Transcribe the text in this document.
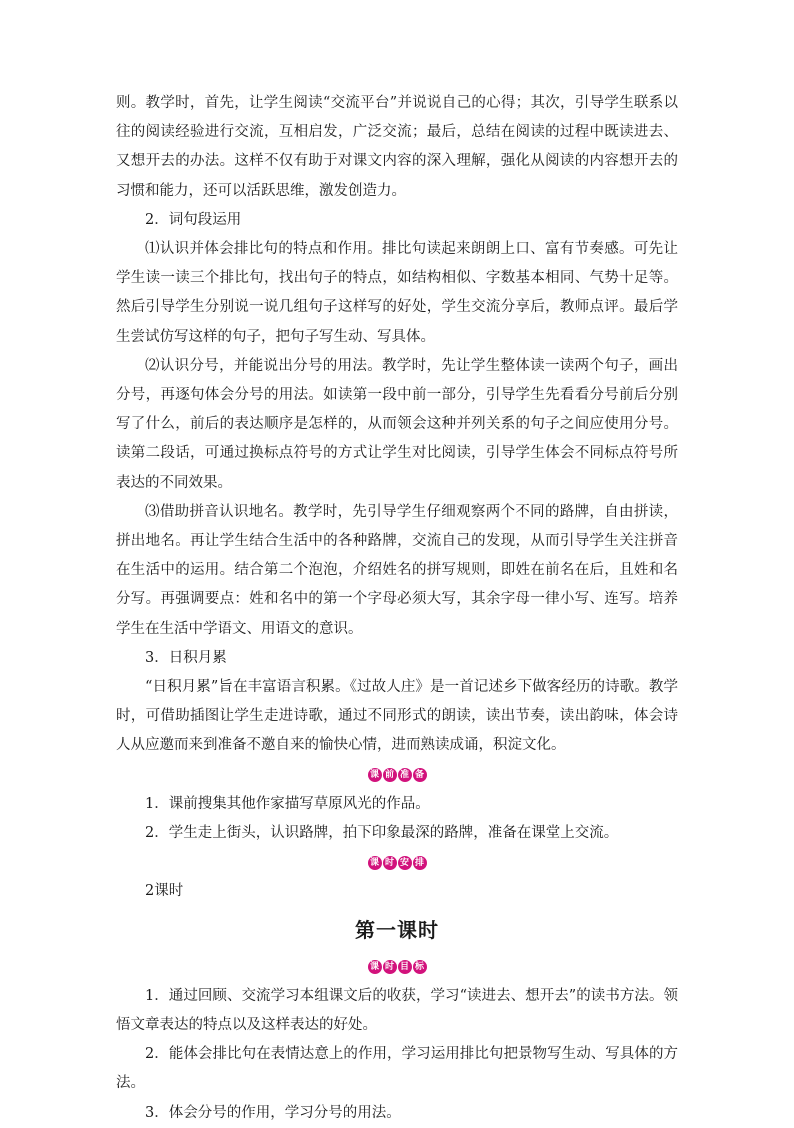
则。教学时，首先，让学生阅读“交流平台”并说说自己的心得；其次，引导学生联系以往的阅读经验进行交流，互相启发，广泛交流；最后，总结在阅读的过程中既读进去、又想开去的办法。这样不仅有助于对课文内容的深入理解，强化从阅读的内容想开去的习惯和能力，还可以活跃思维，激发创造力。

2．词句段运用

⑴认识并体会排比句的特点和作用。排比句读起来朗朗上口、富有节奏感。可先让学生读一读三个排比句，找出句子的特点，如结构相似、字数基本相同、气势十足等。然后引导学生分别说一说几组句子这样写的好处，学生交流分享后，教师点评。最后学生尝试仿写这样的句子，把句子写生动、写具体。

⑵认识分号，并能说出分号的用法。教学时，先让学生整体读一读两个句子，画出分号，再逐句体会分号的用法。如读第一段中前一部分，引导学生先看看分号前后分别写了什么，前后的表达顺序是怎样的，从而领会这种并列关系的句子之间应使用分号。读第二段话，可通过换标点符号的方式让学生对比阅读，引导学生体会不同标点符号所表达的不同效果。

⑶借助拼音认识地名。教学时，先引导学生仔细观察两个不同的路牌，自由拼读，拼出地名。再让学生结合生活中的各种路牌，交流自己的发现，从而引导学生关注拼音在生活中的运用。结合第二个泡泡，介绍姓名的拼写规则，即姓在前名在后，且姓和名分写。再强调要点：姓和名中的第一个字母必须大写，其余字母一律小写、连写。培养学生在生活中学语文、用语文的意识。

3．日积月累

“日积月累”旨在丰富语言积累。《过故人庄》是一首记述乡下做客经历的诗歌。教学时，可借助插图让学生走进诗歌，通过不同形式的朗读，读出节奏，读出韵味，体会诗人从应邀而来到准备不邀自来的愉快心情，进而熟读成诵，积淀文化。

课 前 准 备

1．课前搜集其他作家描写草原风光的作品。

2．学生走上街头，认识路牌，拍下印象最深的路牌，准备在课堂上交流。

课 时 安 排

2课时

第一课时
课 时 目 标

1．通过回顾、交流学习本组课文后的收获，学习“读进去、想开去”的读书方法。领悟文章表达的特点以及这样表达的好处。

2．能体会排比句在表情达意上的作用，学习运用排比句把景物写生动、写具体的方法。

3．体会分号的作用，学习分号的用法。
